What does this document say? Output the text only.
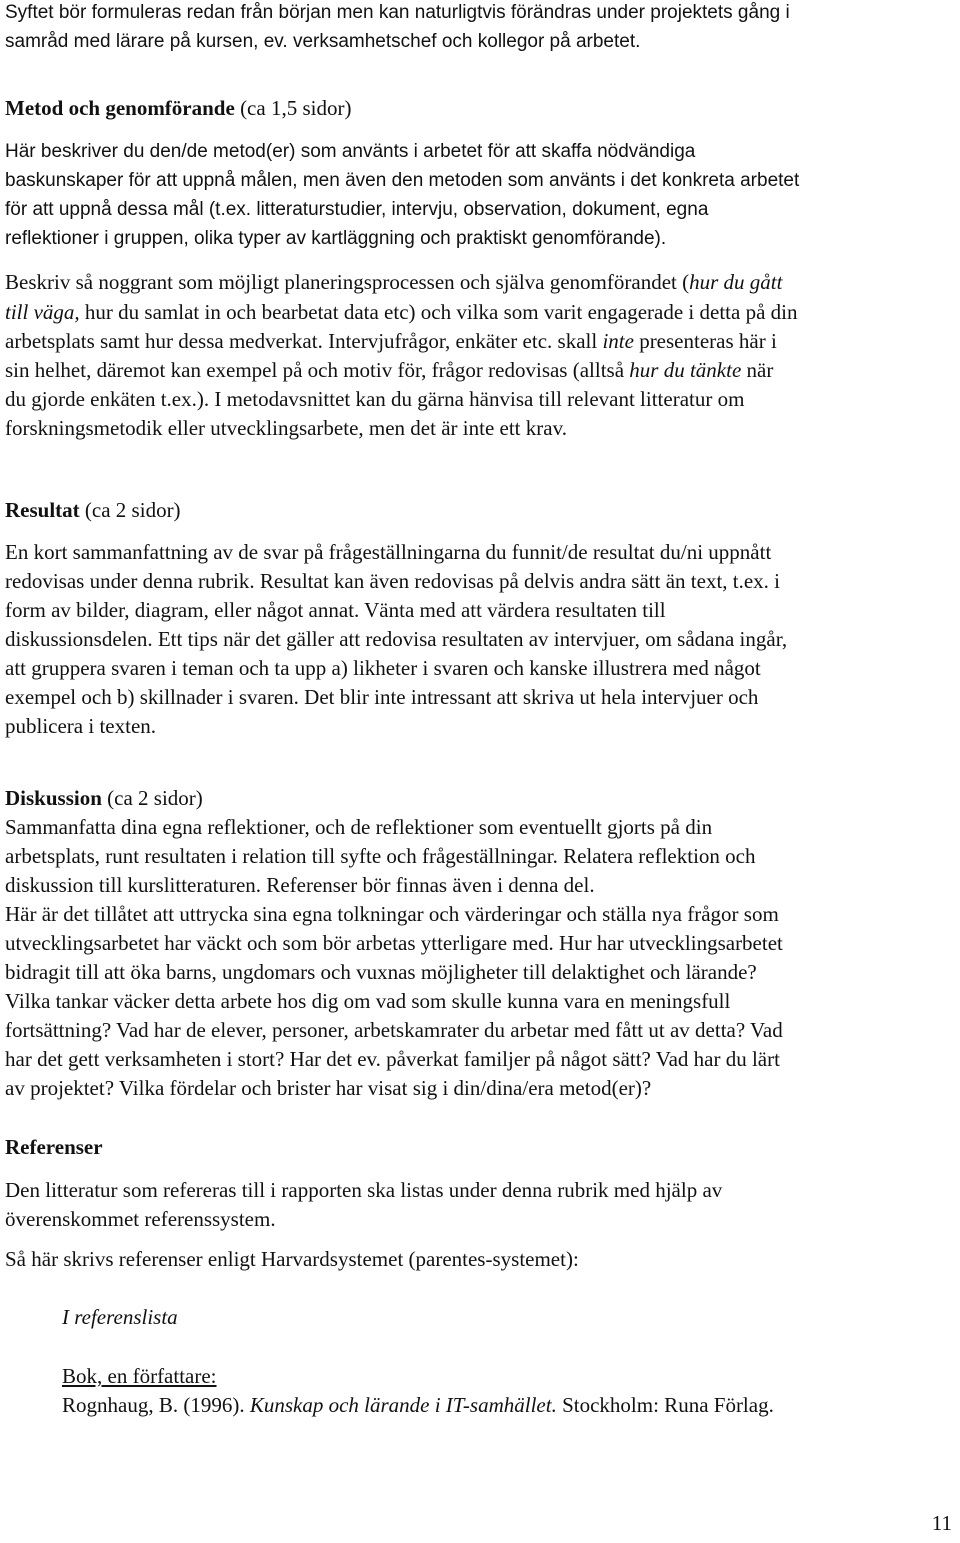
Syftet bör formuleras redan från början men kan naturligtvis förändras under projektets gång i
samråd med lärare på kursen, ev. verksamhetschef och kollegor på arbetet.
Metod och genomförande (ca 1,5 sidor)
Här beskriver du den/de metod(er) som använts i arbetet för att skaffa nödvändiga
baskunskaper för att uppnå målen, men även den metoden som använts i det konkreta arbetet
för att uppnå dessa mål (t.ex. litteraturstudier, intervju, observation, dokument, egna
reflektioner i gruppen, olika typer av kartläggning och praktiskt genomförande).
Beskriv så noggrant som möjligt planeringsprocessen och själva genomförandet (hur du gått
till väga, hur du samlat in och bearbetat data etc) och vilka som varit engagerade i detta på din
arbetsplats samt hur dessa medverkat. Intervjufrågor, enkäter etc. skall inte presenteras här i
sin helhet, däremot kan exempel på och motiv för, frågor redovisas (alltså hur du tänkte när
du gjorde enkäten t.ex.). I metodavsnittet kan du gärna hänvisa till relevant litteratur om
forskningsmetodik eller utvecklingsarbete, men det är inte ett krav.
Resultat (ca 2 sidor)
En kort sammanfattning av de svar på frågeställningarna du funnit/de resultat du/ni uppnått
redovisas under denna rubrik. Resultat kan även redovisas på delvis andra sätt än text, t.ex. i
form av bilder, diagram, eller något annat. Vänta med att värdera resultaten till
diskussionsdelen. Ett tips när det gäller att redovisa resultaten av intervjuer, om sådana ingår,
att gruppera svaren i teman och ta upp a) likheter i svaren och kanske illustrera med något
exempel och b) skillnader i svaren. Det blir inte intressant att skriva ut hela intervjuer och
publicera i texten.
Diskussion (ca 2 sidor)
Sammanfatta dina egna reflektioner, och de reflektioner som eventuellt gjorts på din
arbetsplats, runt resultaten i relation till syfte och frågeställningar. Relatera reflektion och
diskussion till kurslitteraturen. Referenser bör finnas även i denna del.
Här är det tillåtet att uttrycka sina egna tolkningar och värderingar och ställa nya frågor som
utvecklingsarbetet har väckt och som bör arbetas ytterligare med. Hur har utvecklingsarbetet
bidragit till att öka barns, ungdomars och vuxnas möjligheter till delaktighet och lärande?
Vilka tankar väcker detta arbete hos dig om vad som skulle kunna vara en meningsfull
fortsättning? Vad har de elever, personer, arbetskamrater du arbetar med fått ut av detta? Vad
har det gett verksamheten i stort? Har det ev. påverkat familjer på något sätt? Vad har du lärt
av projektet? Vilka fördelar och brister har visat sig i din/dina/era metod(er)?
Referenser
Den litteratur som refereras till i rapporten ska listas under denna rubrik med hjälp av
överenskommet referenssystem.
Så här skrivs referenser enligt Harvardsystemet (parentes-systemet):
I referenslista
Bok, en författare:
Rognhaug, B. (1996). Kunskap och lärande i IT-samhället. Stockholm: Runa Förlag.
11
